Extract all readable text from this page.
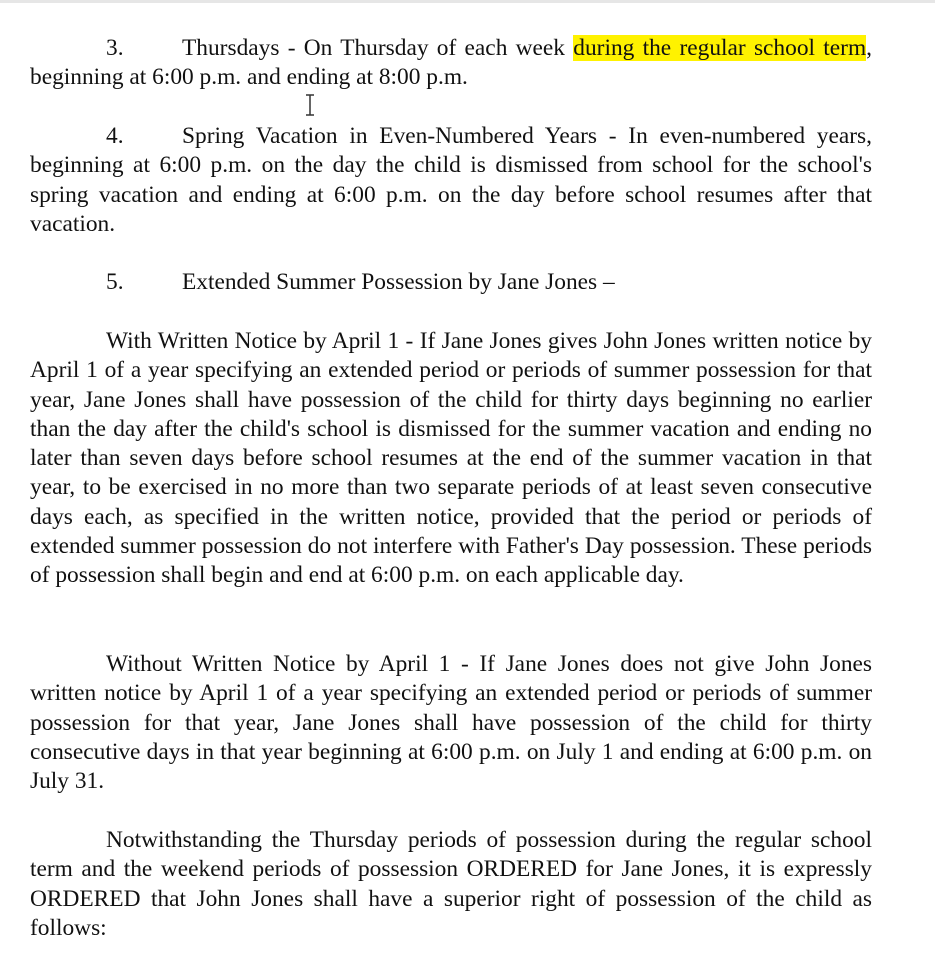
3. Thursdays - On Thursday of each week during the regular school term, beginning at 6:00 p.m. and ending at 8:00 p.m.

4. Spring Vacation in Even-Numbered Years - In even-numbered years, beginning at 6:00 p.m. on the day the child is dismissed from school for the school's spring vacation and ending at 6:00 p.m. on the day before school resumes after that vacation.

5. Extended Summer Possession by Jane Jones –

With Written Notice by April 1 - If Jane Jones gives John Jones written notice by April 1 of a year specifying an extended period or periods of summer possession for that year, Jane Jones shall have possession of the child for thirty days beginning no earlier than the day after the child's school is dismissed for the summer vacation and ending no later than seven days before school resumes at the end of the summer vacation in that year, to be exercised in no more than two separate periods of at least seven consecutive days each, as specified in the written notice, provided that the period or periods of extended summer possession do not interfere with Father's Day possession. These periods of possession shall begin and end at 6:00 p.m. on each applicable day.

Without Written Notice by April 1 - If Jane Jones does not give John Jones written notice by April 1 of a year specifying an extended period or periods of summer possession for that year, Jane Jones shall have possession of the child for thirty consecutive days in that year beginning at 6:00 p.m. on July 1 and ending at 6:00 p.m. on July 31.

Notwithstanding the Thursday periods of possession during the regular school term and the weekend periods of possession ORDERED for Jane Jones, it is expressly ORDERED that John Jones shall have a superior right of possession of the child as follows:
